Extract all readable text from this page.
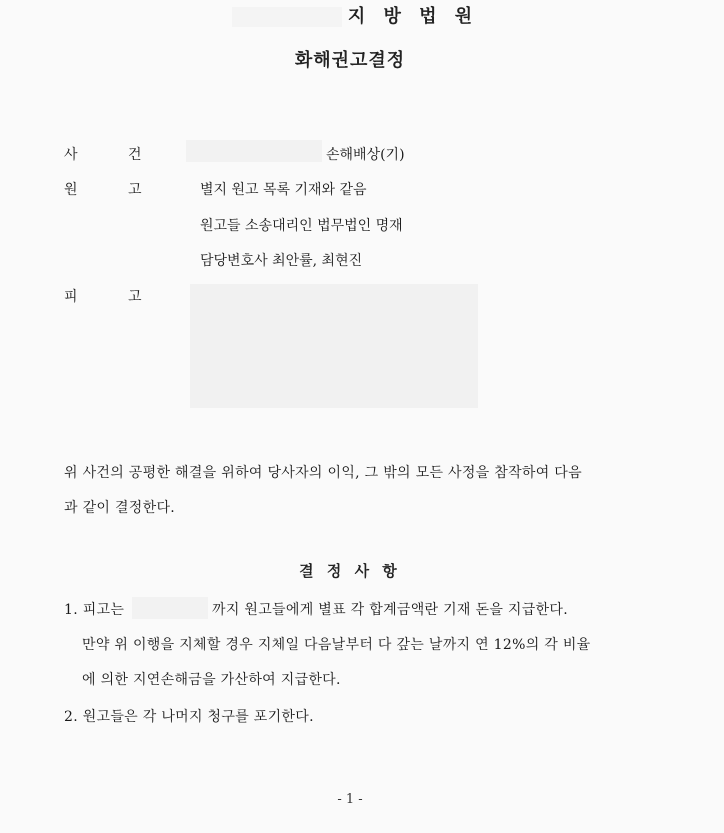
지 방 법 원
화해권고결정
사	건	손해배상(기)
원	고	별지 원고 목록 기재와 같음
원고들 소송대리인 법무법인 명재
담당변호사 최안률, 최현진
피	고
위 사건의 공평한 해결을 위하여 당사자의 이익, 그 밖의 모든 사정을 참작하여 다음
과 같이 결정한다.
결 정 사 항
1. 피고는	까지 원고들에게 별표 각 합계금액란 기재 돈을 지급한다.
만약 위 이행을 지체할 경우 지체일 다음날부터 다 갚는 날까지 연 12%의 각 비율
에 의한 지연손해금을 가산하여 지급한다.
2. 원고들은 각 나머지 청구를 포기한다.
- 1 -
